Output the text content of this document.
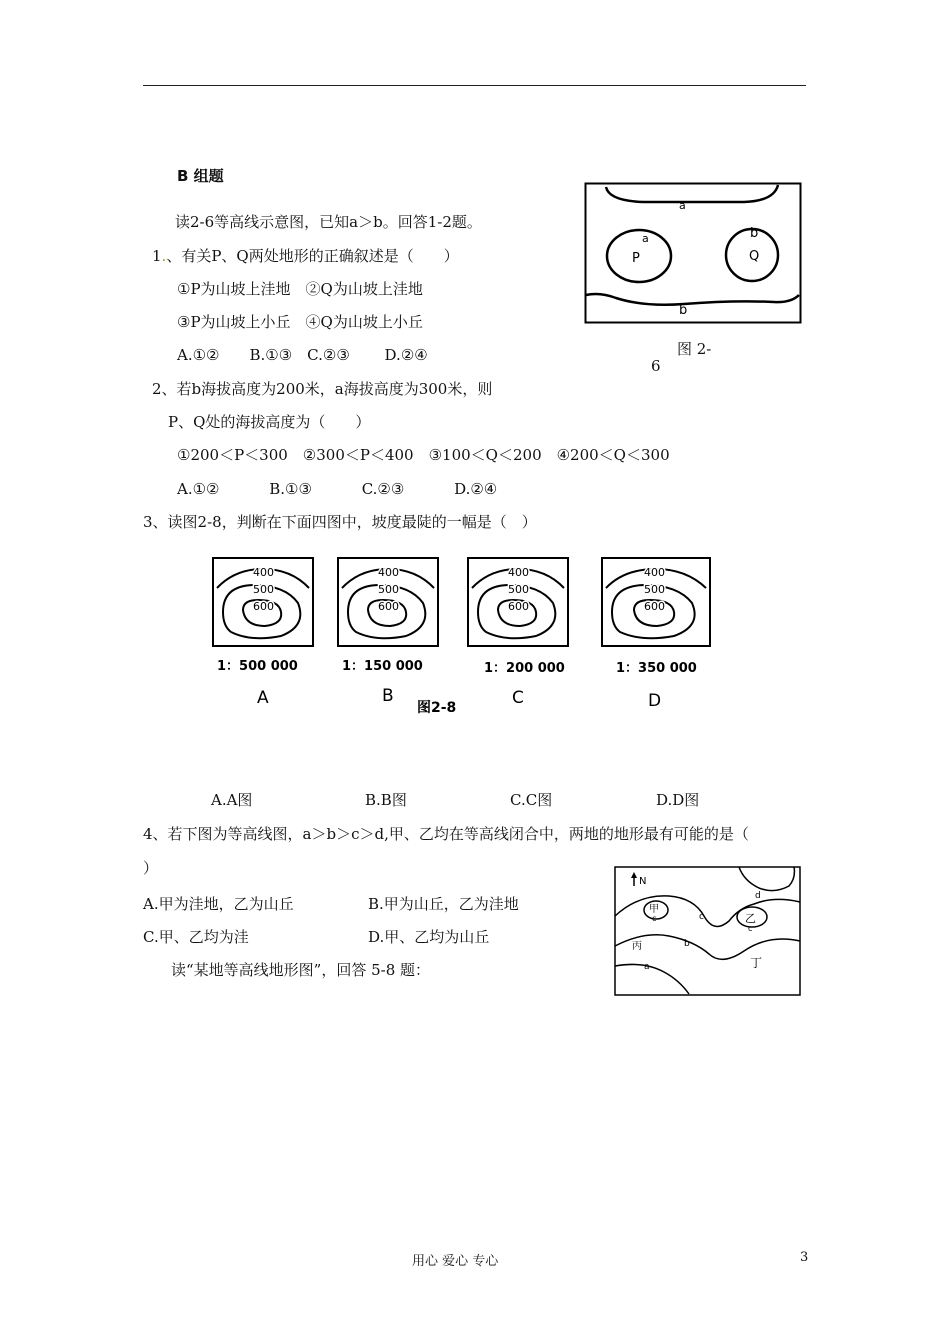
B 组题
读2-6等高线示意图，已知a＞b。回答1-2题。
1.、有关P、Q两处地形的正确叙述是（　　）
①P为山坡上洼地　②Q为山坡上洼地
③P为山坡上小丘　④Q为山坡上小丘
A.①②　　B.①③　C.②③　　 D.②④
a
a
P
b
Q
b
图 2-
6
2、若b海拔高度为200米，a海拔高度为300米，则
P、Q处的海拔高度为（　　）
①200＜P＜300　②300＜P＜400　③100＜Q＜200　④200＜Q＜300
A.①②　　　 B.①③　　　 C.②③　　　 D.②④
3、读图2-8，判断在下面四图中，坡度最陡的一幅是（　）
400
500
600
1：500 000
A
400
500
600
1：150 000
B
400
500
600
1：200 000
C
400
500
600
1：350 000
D
图2-8
A.A图	B.B图	C.C图	D.D图
4、若下图为等高线图，a＞b＞c＞d,甲、乙均在等高线闭合中，两地的地形最有可能的是（
）
A.甲为洼地，乙为山丘	B.甲为山丘，乙为洼地
C.甲、乙均为洼	D.甲、乙均为山丘
N
甲
c	乙
c
c
d
b
a
丙
丁
读“某地等高线地形图”，回答 5-8 题：
用心 爱心 专心	3
